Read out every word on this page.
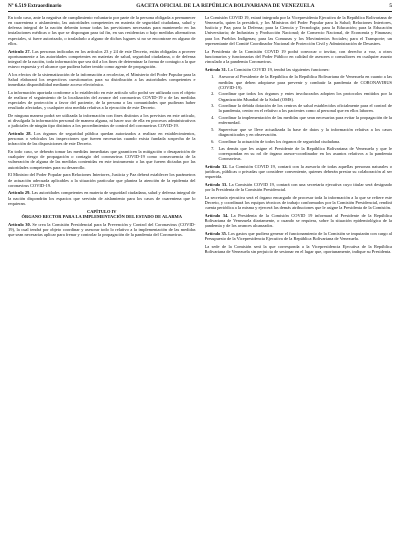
Nº 6.519 Extraordinario	GACETA OFICIAL DE LA REPÚBLICA BOLIVARIANA DE VENEZUELA	5

En todo caso, ante la negativa de cumplimiento voluntario por parte de la persona obligada a permanecer en cuarentena o aislamiento, las autoridades competentes en materia de seguridad ciudadana, salud y defensa integral de la nación deberán tomar todas las previsiones necesarias para mantenerlo en las instalaciones médicas o las que se dispongan para tal fin, en sus residencias o bajo medidas alternativas especiales, si fuere autorizado, o trasladarlo a alguno de dichos lugares si no se encontrare en alguno de ellos.

Artículo 27. Las personas indicadas en los artículos 23 y 24 de este Decreto, están obligadas a proveer oportunamente a las autoridades competentes en materias de salud, seguridad ciudadana, o de defensa integral de la nación, toda información que sea útil a los fines de determinar la forma de contagio a la que estuvo expuesta y el alcance que pudiera haber tenido como agente de propagación.

A los efectos de la sistematización de la información a recolectar, el Ministerio del Poder Popular para la Salud elaborará los respectivos cuestionarios para su distribución a las autoridades competentes e inmediata disponibilidad mediante acceso electrónico.

La información aportada conforme a lo establecido en este artículo sólo podrá ser utilizada con el objeto de realizar el seguimiento de la localización del avance del coronavirus COVID-19 o de las medidas especiales de protección a favor del paciente, de la persona o las comunidades que pudieran haber resultado afectadas, y cualquier otra medida relativa a la ejecución de este Decreto.

De ninguna manera podrá ser utilizada la información con fines distintos a los previstos en este artículo, ni divulgada la información personal de manera alguna, ni hacer uso de ella en procesos administrativos o judiciales de ningún tipo distintos a los procedimientos de control del coronavirus COVID-19.

Artículo 28. Los órganos de seguridad pública quedan autorizados a realizar en establecimientos, personas o vehículos las inspecciones que fueren necesarias cuando exista fundada sospecha de la infracción de las disposiciones de este Decreto.

En todo caso, se deberán tomar las medidas inmediatas que garanticen la mitigación o desaparición de cualquier riesgo de propagación o contagio del coronavirus COVID-19 como consecuencia de la vulneración de alguna de las medidas contenidas en este instrumento o las que fueren dictadas por las autoridades competentes para su desarrollo.

El Ministro del Poder Popular para Relaciones Interiores, Justicia y Paz deberá establecer los parámetros de actuación adecuada aplicables a la situación particular que plantea la atención de la epidemia del coronavirus COVID-19.

Artículo 29. Las autoridades competentes en materia de seguridad ciudadana, salud y defensa integral de la nación dispondrán los espacios que servirán de aislamiento para los casos de cuarentena que lo requieran.

CAPÍTULO IV
ÓRGANO RECTOR PARA LA IMPLEMENTACIÓN DEL ESTADO DE ALARMA

Artículo 30. Se crea la Comisión Presidencial para la Prevención y Control del Coronavirus (COVID-19), la cual tendrá por objeto coordinar y asesorar todo lo relativo a la implementación de las medidas que sean necesarias aplicar para frenar y controlar la propagación de la pandemia del Coronavirus.

La Comisión COVID 19, estará integrada por la Vicepresidenta Ejecutiva de la República Bolivariana de Venezuela, quien la presidirá, y los Ministros del Poder Popular para la Salud; Relaciones Interiores, Justicia y Paz; para la Defensa; para la Ciencia y Tecnología; para la Educación; para la Educación Universitaria; de Industrias y Producción Nacional; de Comercio Nacional, de Economía y Finanzas; para los Pueblos Indígenas; para las Comunas y los Movimientos Sociales; para el Transporte; un representante del Comité Coordinador Nacional de Protección Civil y Administración de Desastres.

La Presidenta de la Comisión COVID 19 podrá convocar o invitar, con derecho a voz, a otros funcionarios y funcionarias del Poder Público en calidad de asesores o consultores en cualquier asunto vinculado a la pandemia Coronavirus.

Artículo 31. La Comisión COVID 19, tendrá las siguientes funciones:

1. Asesorar al Presidente de la República de la República Bolivariana de Venezuela en cuanto a las medidas que deben adoptarse para prevenir y combatir la pandemia de CORONAVIRUS (COVID-19).
2. Coordinar que todos los órganos y entes involucrados adopten los protocolos emitidos por la Organización Mundial de la Salud (OMS).
3. Coordinar la debida dotación de los centros de salud establecidos oficialmente para el control de la pandemia, centro en el relativo a los pacientes como al personal que en ellos laboren.
4. Coordinar la implementación de las medidas que sean necesarias para evitar la propagación de la enfermedad.
5. Supervisar que se lleve actualizada la base de datos y la información relativa a los casos diagnosticados y en observación.
6. Coordinar la actuación de todos los órganos de seguridad ciudadana.
7. Las demás que les asigne el Presidente de la República Bolivariana de Venezuela y que le correspondan en su rol de órgano asesor-coordinador en los asuntos relativos a la pandemia Coronavirus.

Artículo 32. La Comisión COVID 19, contará con la asesoría de todas aquellas personas naturales o jurídicas, públicas o privadas que considere conveniente, quienes deberán prestar su colaboración al ser requerida.

Artículo 33. La Comisión COVID 19, contará con una secretaría ejecutiva cuyo titular será designado por la Presidenta de la Comisión Presidencial.

La secretaría ejecutiva será el órgano encargado de procesar toda la información a la que se refiere este Decreto, y coordinará los equipos técnicos de trabajo conformados por la Comisión Presidencial, rendirá cuenta periódica a la misma y ejercerá las demás atribuciones que le asigne la Presidenta de la Comisión.

Artículo 34. La Presidenta de la Comisión COVID 19 informará al Presidente de la República Bolivariana de Venezuela diariamente, o cuando se requiera, sobre la situación epidemiológica de la pandemia y de los avances alcanzados.

Artículo 35. Los gastos que pudiera generar el funcionamiento de la Comisión se imputarán con cargo al Presupuesto de la Vicepresidencia Ejecutiva de la República Bolivariana de Venezuela.

La sede de la Comisión será la que corresponda a la Vicepresidencia Ejecutiva de la República Bolivariana de Venezuela sin perjuicio de sesionar en el lugar que, oportunamente, indique su Presidenta.
